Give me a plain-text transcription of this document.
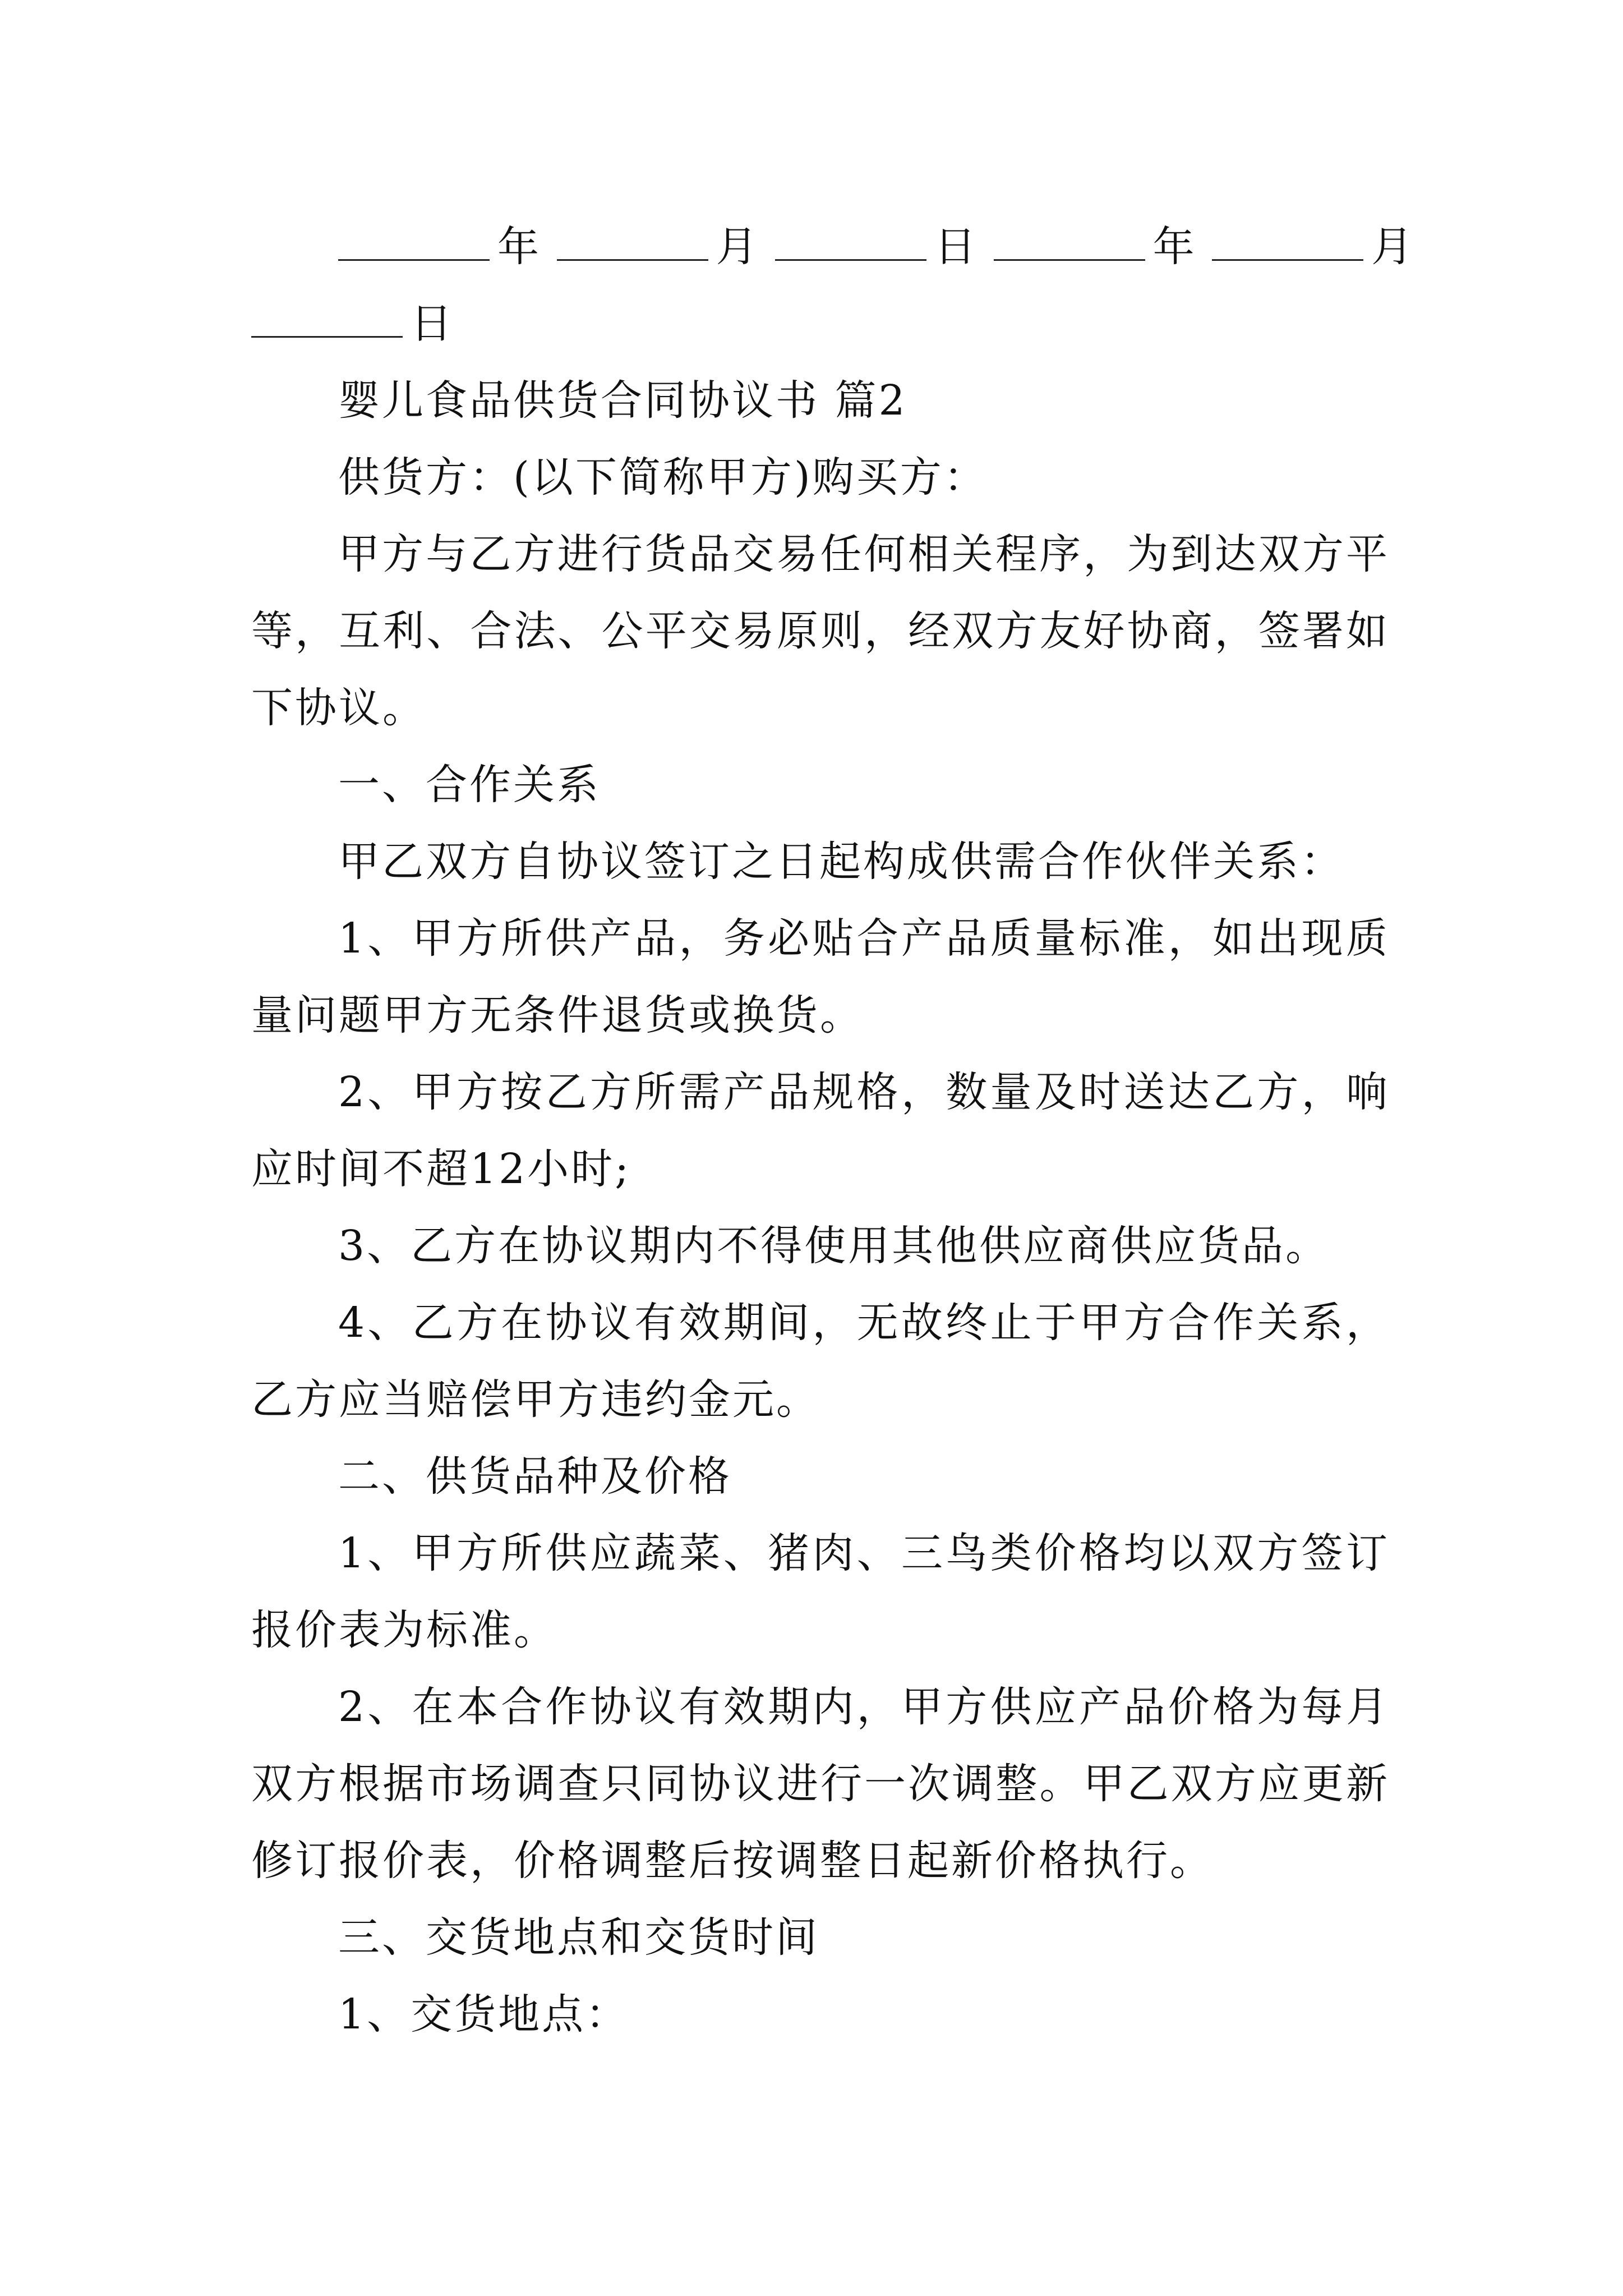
年	月	日	年	月
日
婴儿食品供货合同协议书 篇2
供货方：(以下简称甲方)购买方：

甲方与乙方进行货品交易任何相关程序，为到达双方平等，互利、合法、公平交易原则，经双方友好协商，签署如下协议。

一、合作关系

甲乙双方自协议签订之日起构成供需合作伙伴关系：

1、甲方所供产品，务必贴合产品质量标准，如出现质量问题甲方无条件退货或换货。

2、甲方按乙方所需产品规格，数量及时送达乙方，响应时间不超12小时;

3、乙方在协议期内不得使用其他供应商供应货品。

4、乙方在协议有效期间，无故终止于甲方合作关系，乙方应当赔偿甲方违约金元。

二、供货品种及价格

1、甲方所供应蔬菜、猪肉、三鸟类价格均以双方签订报价表为标准。

2、在本合作协议有效期内，甲方供应产品价格为每月双方根据市场调查只同协议进行一次调整。甲乙双方应更新修订报价表，价格调整后按调整日起新价格执行。

三、交货地点和交货时间

1、交货地点：
